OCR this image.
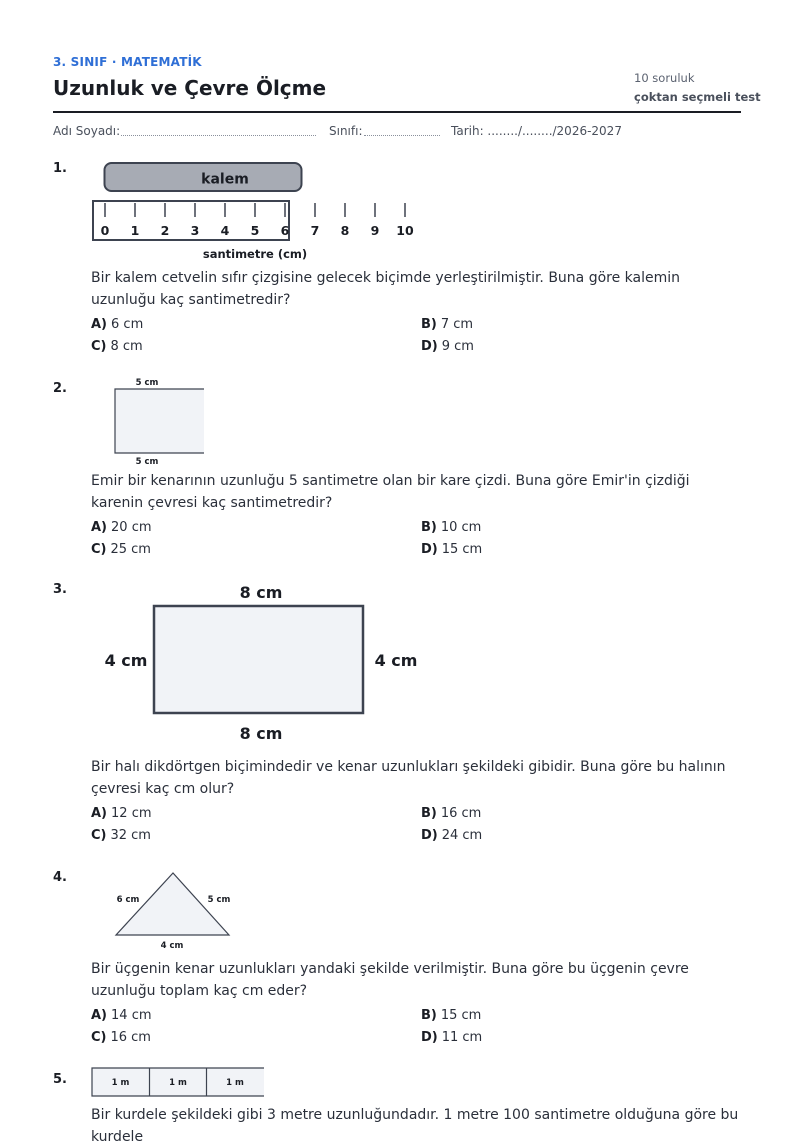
3. SINIF · MATEMATİK
Uzunluk ve Çevre Ölçme	10 soruluk
çoktan seçmeli test
Adı Soyadı:	Sınıfı:	Tarih: ......../......../2026-2027
1.
kalem
0 1 2 3 4 5 6 7 8 9 10
santimetre (cm)
Bir kalem cetvelin sıfır çizgisine gelecek biçimde yerleştirilmiştir. Buna göre kalemin uzunluğu kaç santimetredir?
A) 6 cm	B) 7 cm
C) 8 cm	D) 9 cm
2.	5 cm
5 cm
Emir bir kenarının uzunluğu 5 santimetre olan bir kare çizdi. Buna göre Emir'in çizdiği karenin çevresi kaç santimetredir?
A) 20 cm	B) 10 cm
C) 25 cm	D) 15 cm
3.	8 cm
4 cm	4 cm
8 cm
Bir halı dikdörtgen biçimindedir ve kenar uzunlukları şekildeki gibidir. Buna göre bu halının çevresi kaç cm olur?
A) 12 cm	B) 16 cm
C) 32 cm	D) 24 cm
4.
6 cm	5 cm
4 cm
Bir üçgenin kenar uzunlukları yandaki şekilde verilmiştir. Buna göre bu üçgenin çevre uzunluğu toplam kaç cm eder?
A) 14 cm	B) 15 cm
C) 16 cm	D) 11 cm
5.	1 m	1 m	1 m
Bir kurdele şekildeki gibi 3 metre uzunluğundadır. 1 metre 100 santimetre olduğuna göre bu kurdele
